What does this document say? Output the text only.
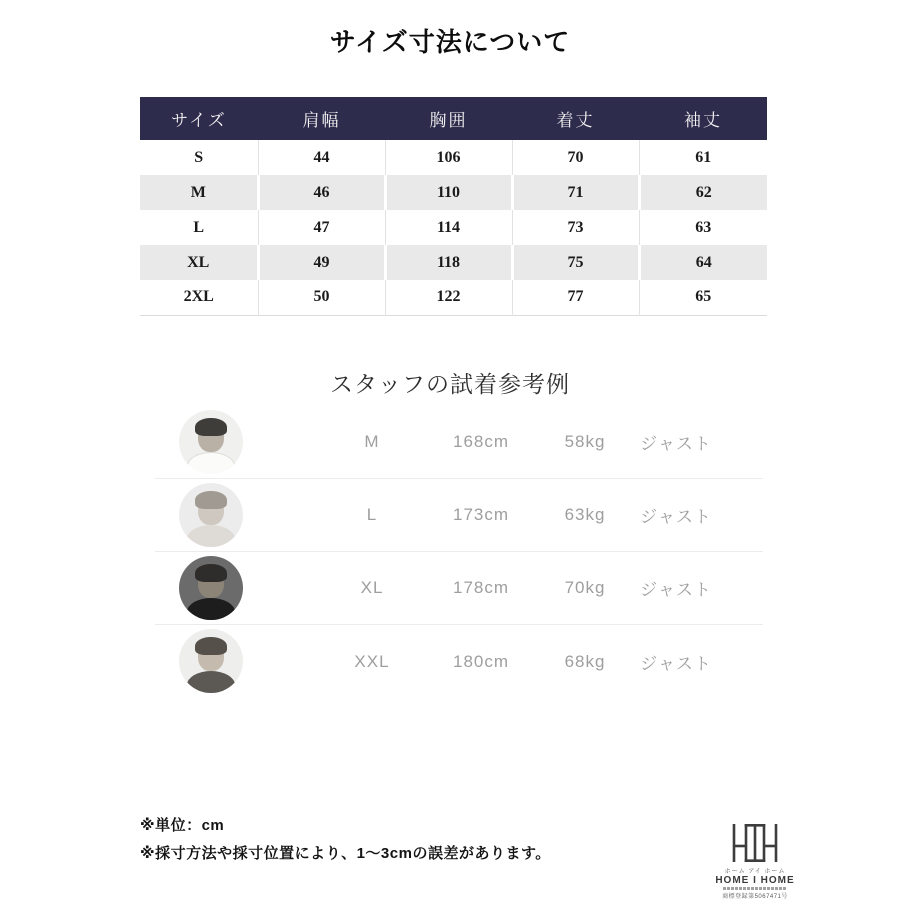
サイズ寸法について
サイズ	肩幅	胸囲	着丈	袖丈
S	44	106	70	61
M	46	110	71	62
L	47	114	73	63
XL	49	118	75	64
2XL	50	122	77	65
スタッフの試着参考例
M	168cm	58kg ジャスト
L	173cm	63kg ジャスト
XL	178cm	70kg ジャスト
XXL	180cm	68kg ジャスト
※単位：cm
※採寸方法や採寸位置により、1～3cmの誤差があります。
ホーム アイ ホーム
HOME I HOME
商標登録第5067471号
